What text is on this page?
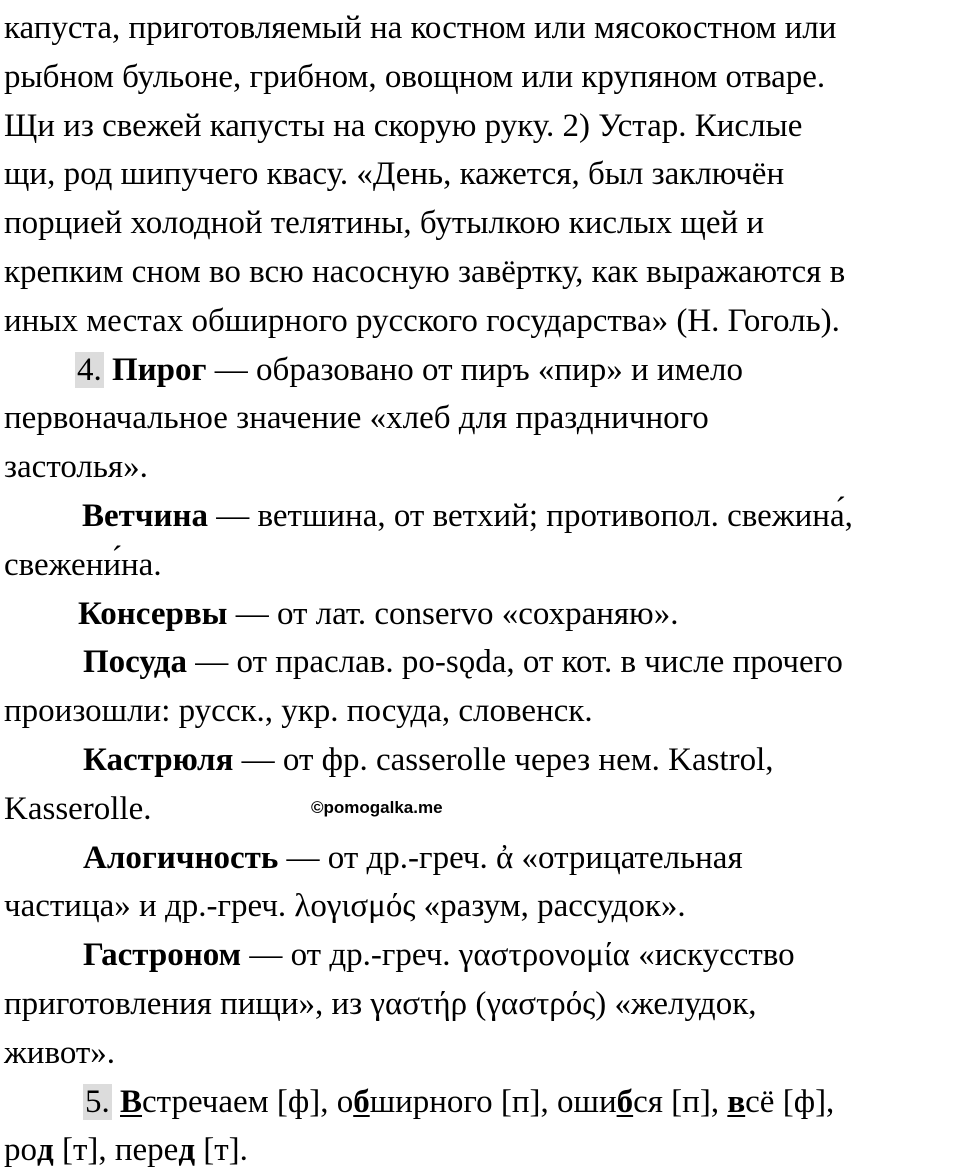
капуста, приготовляемый на костном или мясокостном или
рыбном бульоне, грибном, овощном или крупяном отваре.
Щи из свежей капусты на скорую руку. 2) Устар. Кислые
щи, род шипучего квасу. «День, кажется, был заключён
порцией холодной телятины, бутылкою кислых щей и
крепким сном во всю насосную завёртку, как выражаются в
иных местах обширного русского государства» (Н. Гоголь).
4. Пирог — образовано от пиръ «пир» и имело
первоначальное значение «хлеб для праздничного
застолья».
Ветчина — ветшина, от ветхий; противопол. свежина́,
свежени́на.
Консервы — от лат. conservo «сохраняю».
Посуда — от праслав. po-sǫda, от кот. в числе прочего
произошли: русск., укр. посуда, словенск.
Кастрюля — от фр. casserolle через нем. Kastrol,
Kasserolle.
Алогичность — от др.-греч. ἀ «отрицательная
частица» и др.-греч. λογισμός «разум, рассудок».
Гастроном — от др.-греч. γαστρονομία «искусство
приготовления пищи», из γαστήρ (γαστρός) «желудок,
живот».
5. Встречаем [ф], обширного [п], ошибся [п], всё [ф],
род [т], перед [т].
©pomogalka.me
